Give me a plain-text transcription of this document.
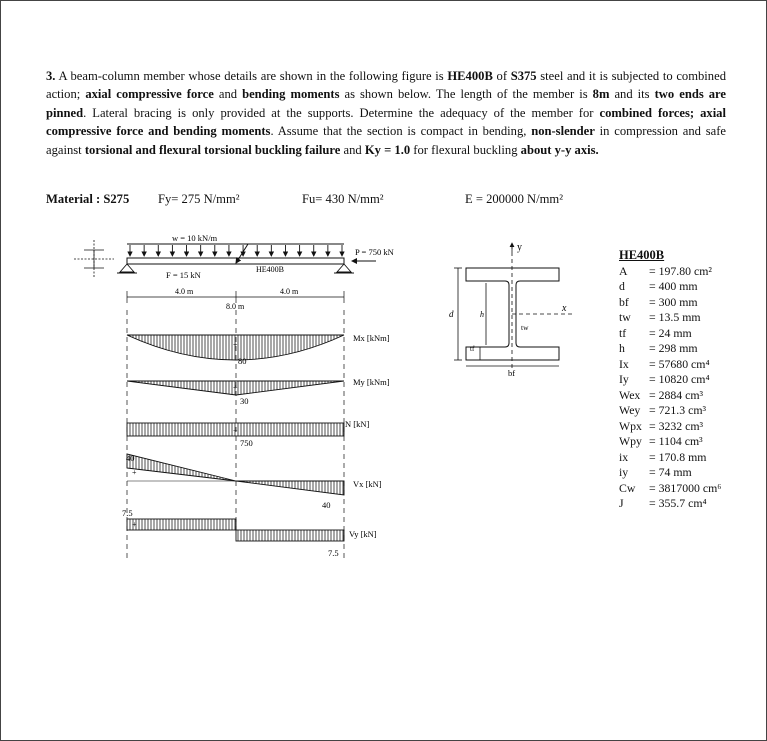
3. A beam-column member whose details are shown in the following figure is HE400B of S375 steel and it is subjected to combined action; axial compressive force and bending moments as shown below. The length of the member is 8m and its two ends are pinned. Lateral bracing is only provided at the supports. Determine the adequacy of the member for combined forces; axial compressive force and bending moments. Assume that the section is compact in bending, non-slender in compression and safe against torsional and flexural torsional buckling failure and Ky = 1.0 for flexural buckling about y-y axis.
Material : S275 Fy= 275 N/mm²	Fu= 430 N/mm²	E = 200000 N/mm²
w = 10 kN/m
HE400B
P = 750 kN
F = 15 kN
4.0 m	4.0 m
8.0 m
+
80
Mx [kNm]
+
30
My [kNm]
−
750
N [kN]
+
40
40
Vx [kN]
+
7.5
7.5
Vy [kN]
y
x
d	h
tw
tf
bf
HE400B
A	= 197.80 cm²
d	= 400 mm
bf	= 300 mm
tw	= 13.5 mm
tf	= 24 mm
h	= 298 mm
Ix	= 57680 cm⁴
Iy	= 10820 cm⁴
Wex = 2884 cm³
Wey = 721.3 cm³
Wpx = 3232 cm³
Wpy = 1104 cm³
ix	= 170.8 mm
iy	= 74 mm
Cw	= 3817000 cm⁶
J	= 355.7 cm⁴
